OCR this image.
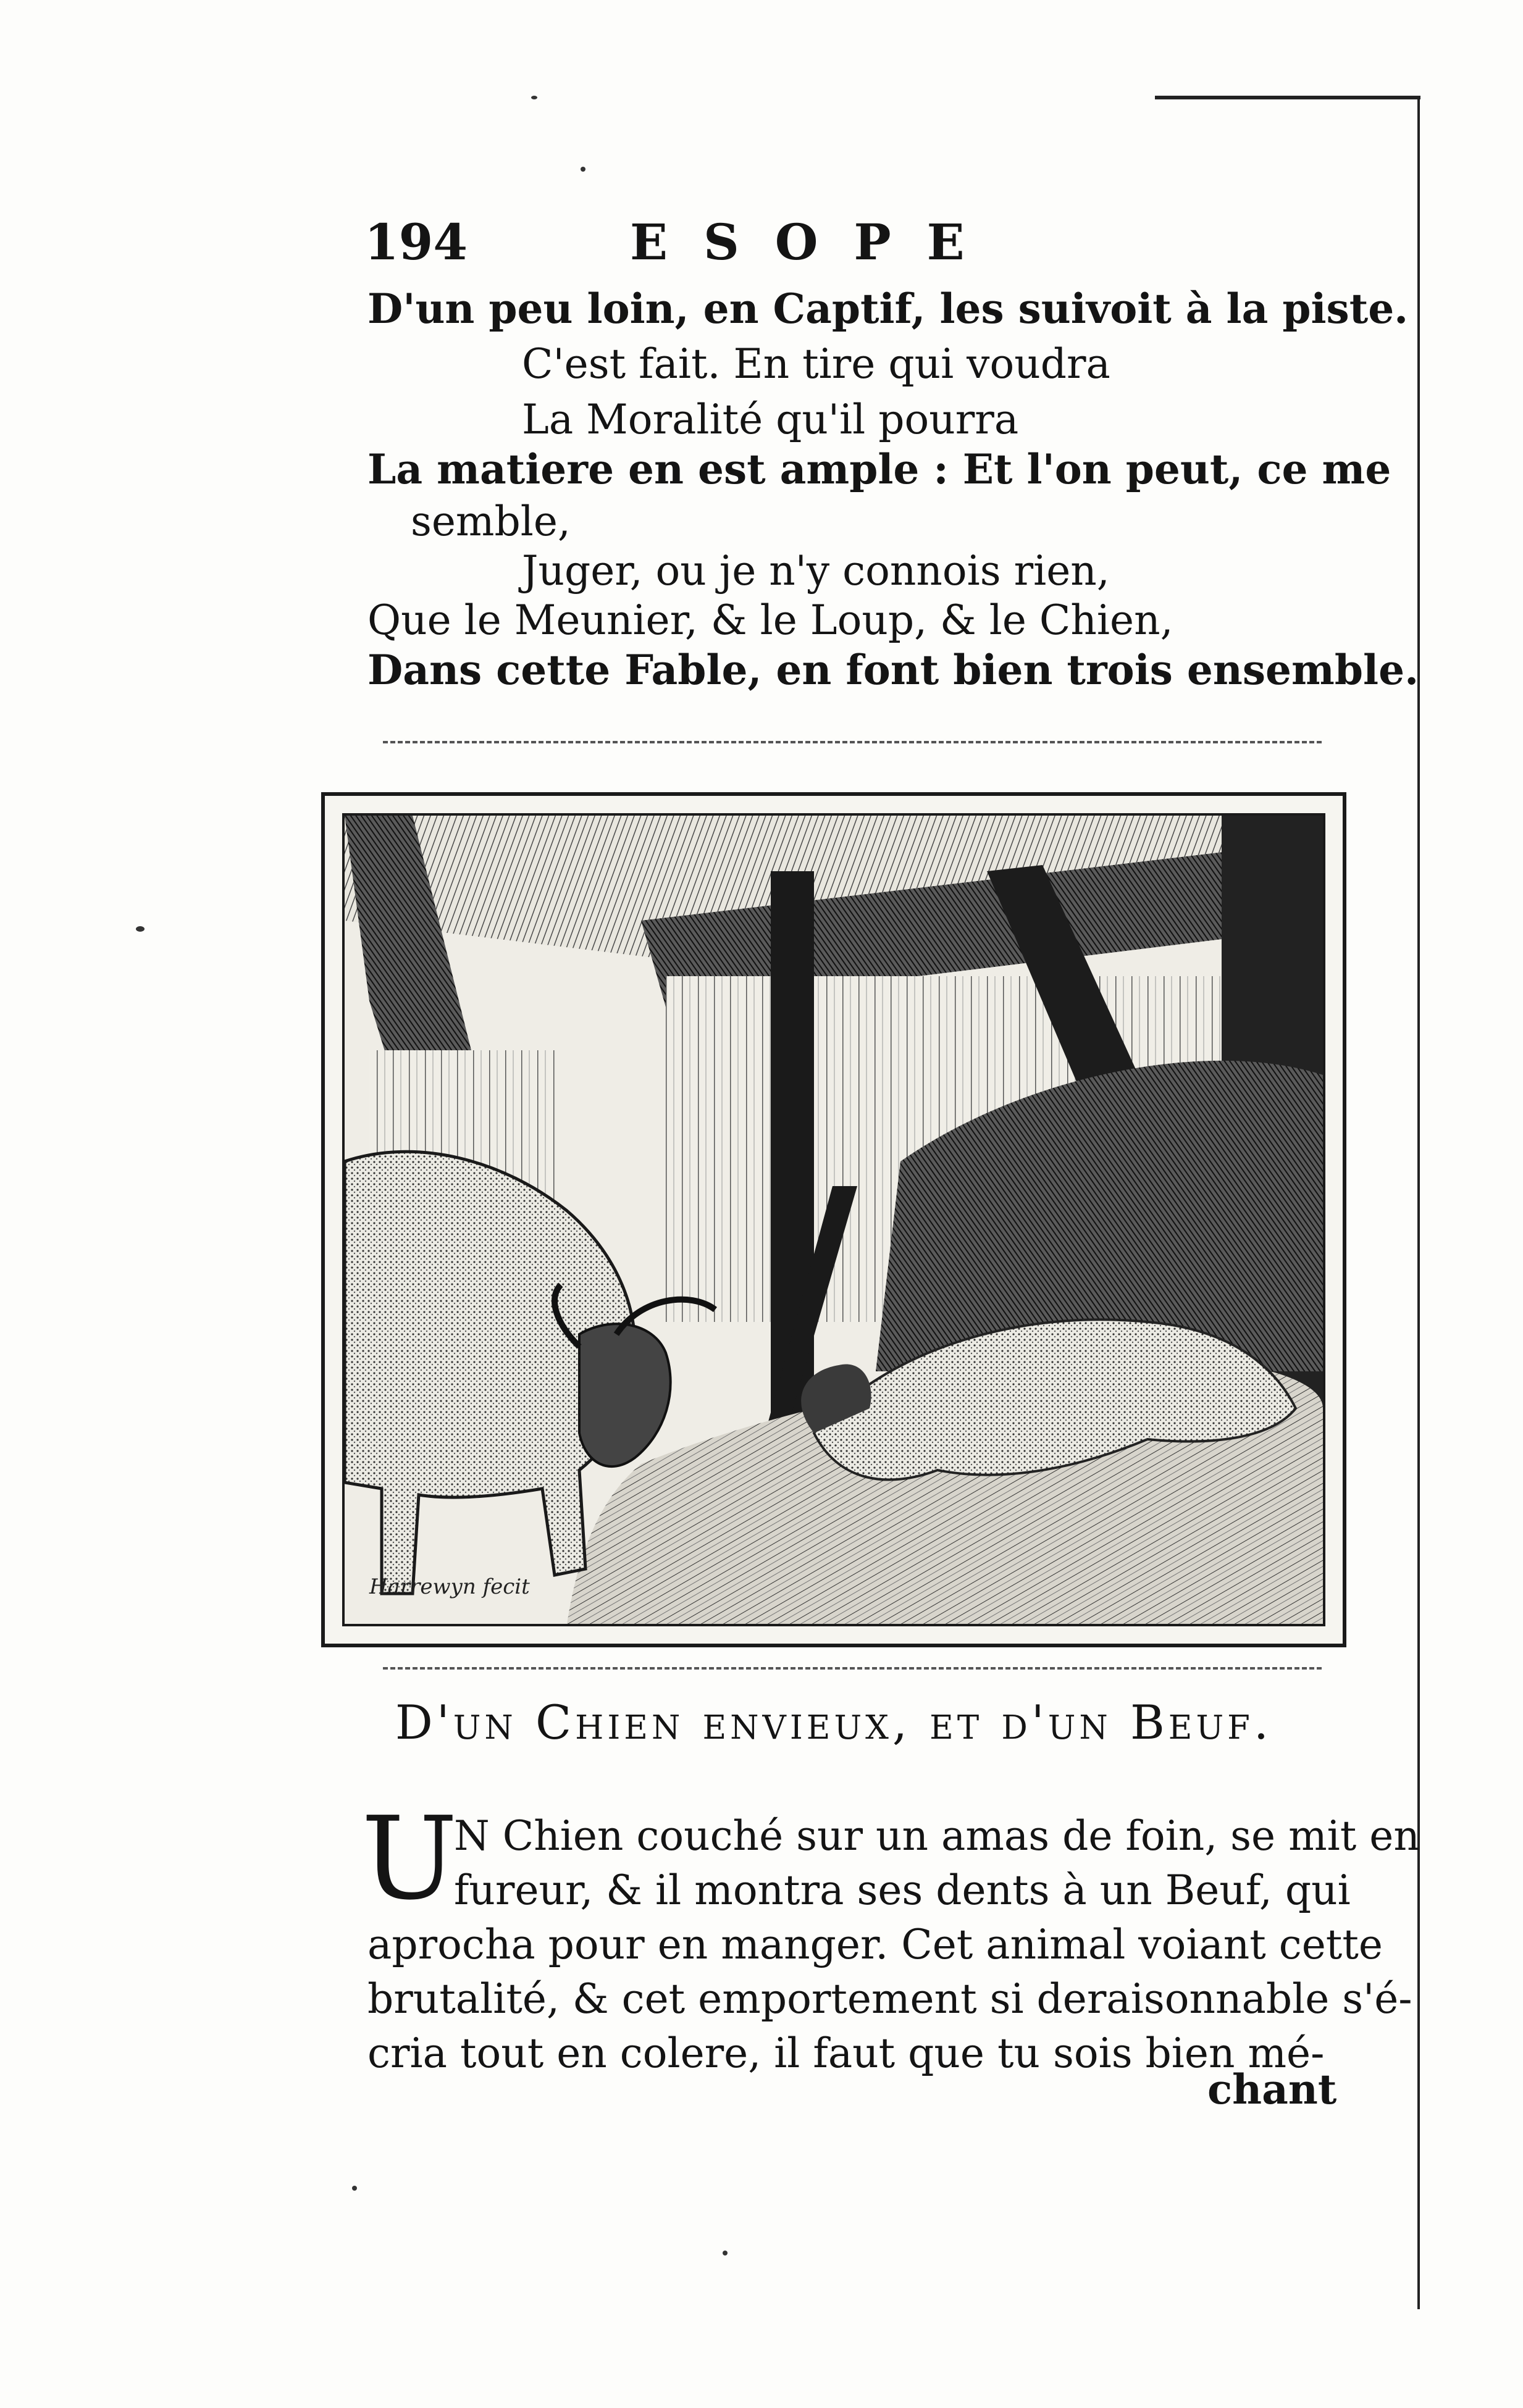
194	ESOPE
D'un peu loin, en Captif, les suivoit à la piste.
C'est fait. En tire qui voudra
La Moralité qu'il pourra
La matiere en est ample : Et l'on peut, ce me
semble,
Juger, ou je n'y connois rien,
Que le Meunier, & le Loup, & le Chien,
Dans cette Fable, en font bien trois ensemble.
Harrewyn fecit
D'un Chien envieux, et d'un Beuf.
U
N Chien couché sur un amas de foin, se mit en
fureur, & il montra ses dents à un Beuf, qui
aprocha pour en manger. Cet animal voiant cette
brutalité, & cet emportement si deraisonnable s'é-
cria tout en colere, il faut que tu sois bien mé-
chant
